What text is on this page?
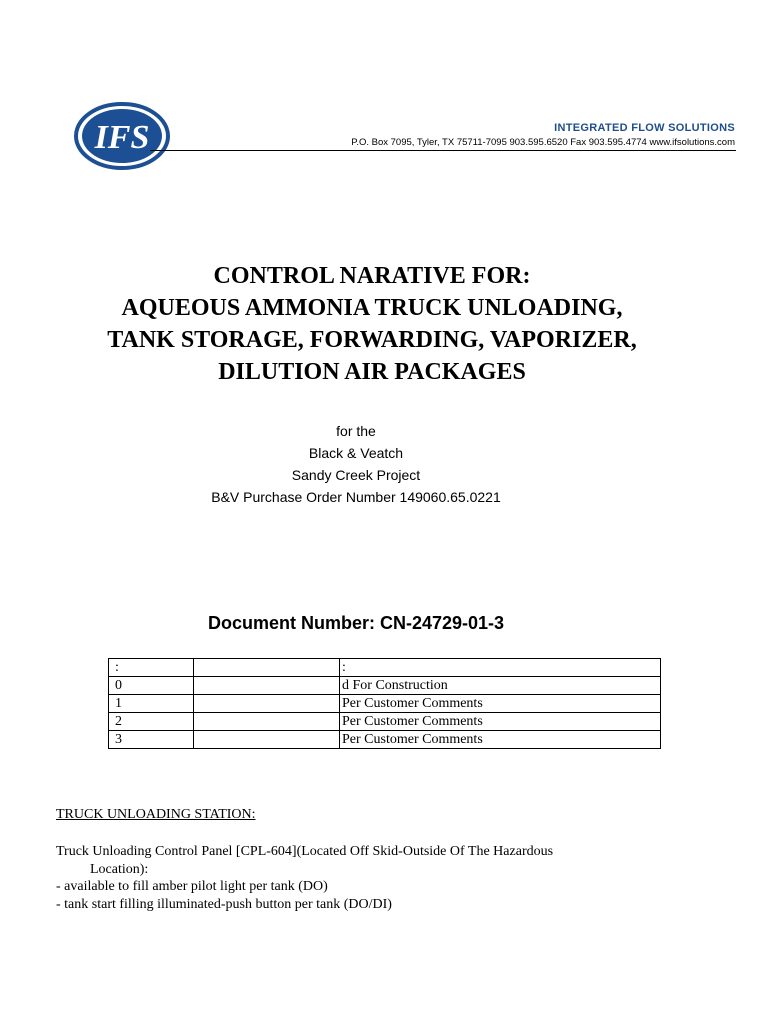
IFS	INTEGRATED FLOW SOLUTIONS
P.O. Box 7095, Tyler, TX 75711-7095 903.595.6520 Fax 903.595.4774 www.ifsolutions.com
CONTROL NARATIVE FOR:
AQUEOUS AMMONIA TRUCK UNLOADING,
TANK STORAGE, FORWARDING, VAPORIZER,
DILUTION AIR PACKAGES
for the
Black & Veatch
Sandy Creek Project
B&V Purchase Order Number 149060.65.0221
Document Number: CN-24729-01-3
:		:
0		d For Construction
1		Per Customer Comments
2		Per Customer Comments
3		Per Customer Comments
TRUCK UNLOADING STATION:
Truck Unloading Control Panel [CPL-604](Located Off Skid-Outside Of The Hazardous
Location):
- available to fill amber pilot light per tank (DO)
- tank start filling illuminated-push button per tank (DO/DI)
